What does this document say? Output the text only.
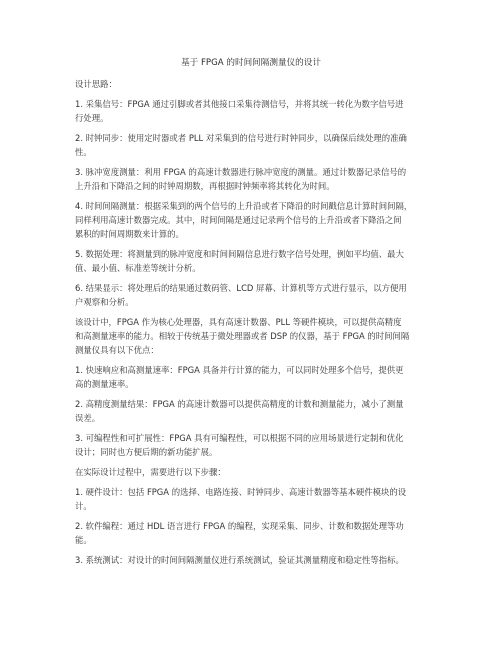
基于 FPGA 的时间间隔测量仪的设计
设计思路：
1. 采集信号：FPGA 通过引脚或者其他接口采集待测信号，并将其统一转化为数字信号进
行处理。
2. 时钟同步：使用定时器或者 PLL 对采集到的信号进行时钟同步，以确保后续处理的准确
性。
3. 脉冲宽度测量：利用 FPGA 的高速计数器进行脉冲宽度的测量。通过计数器记录信号的
上升沿和下降沿之间的时钟周期数，再根据时钟频率将其转化为时间。
4. 时间间隔测量：根据采集到的两个信号的上升沿或者下降沿的时间戳信息计算时间间隔，
同样利用高速计数器完成。其中，时间间隔是通过记录两个信号的上升沿或者下降沿之间
累积的时间周期数来计算的。
5. 数据处理：将测量到的脉冲宽度和时间间隔信息进行数字信号处理，例如平均值、最大
值、最小值、标准差等统计分析。
6. 结果显示：将处理后的结果通过数码管、LCD 屏幕、计算机等方式进行显示，以方便用
户观察和分析。
该设计中，FPGA 作为核心处理器，具有高速计数器、PLL 等硬件模块，可以提供高精度
和高测量速率的能力。相较于传统基于微处理器或者 DSP 的仪器，基于 FPGA 的时间间隔
测量仪具有以下优点：
1. 快速响应和高测量速率：FPGA 具备并行计算的能力，可以同时处理多个信号，提供更
高的测量速率。
2. 高精度测量结果：FPGA 的高速计数器可以提供高精度的计数和测量能力，减小了测量
误差。
3. 可编程性和可扩展性：FPGA 具有可编程性，可以根据不同的应用场景进行定制和优化
设计；同时也方便后期的新功能扩展。
在实际设计过程中，需要进行以下步骤：
1. 硬件设计：包括 FPGA 的选择、电路连接、时钟同步、高速计数器等基本硬件模块的设
计。
2. 软件编程：通过 HDL 语言进行 FPGA 的编程，实现采集、同步、计数和数据处理等功
能。
3. 系统测试：对设计的时间间隔测量仪进行系统测试，验证其测量精度和稳定性等指标。
